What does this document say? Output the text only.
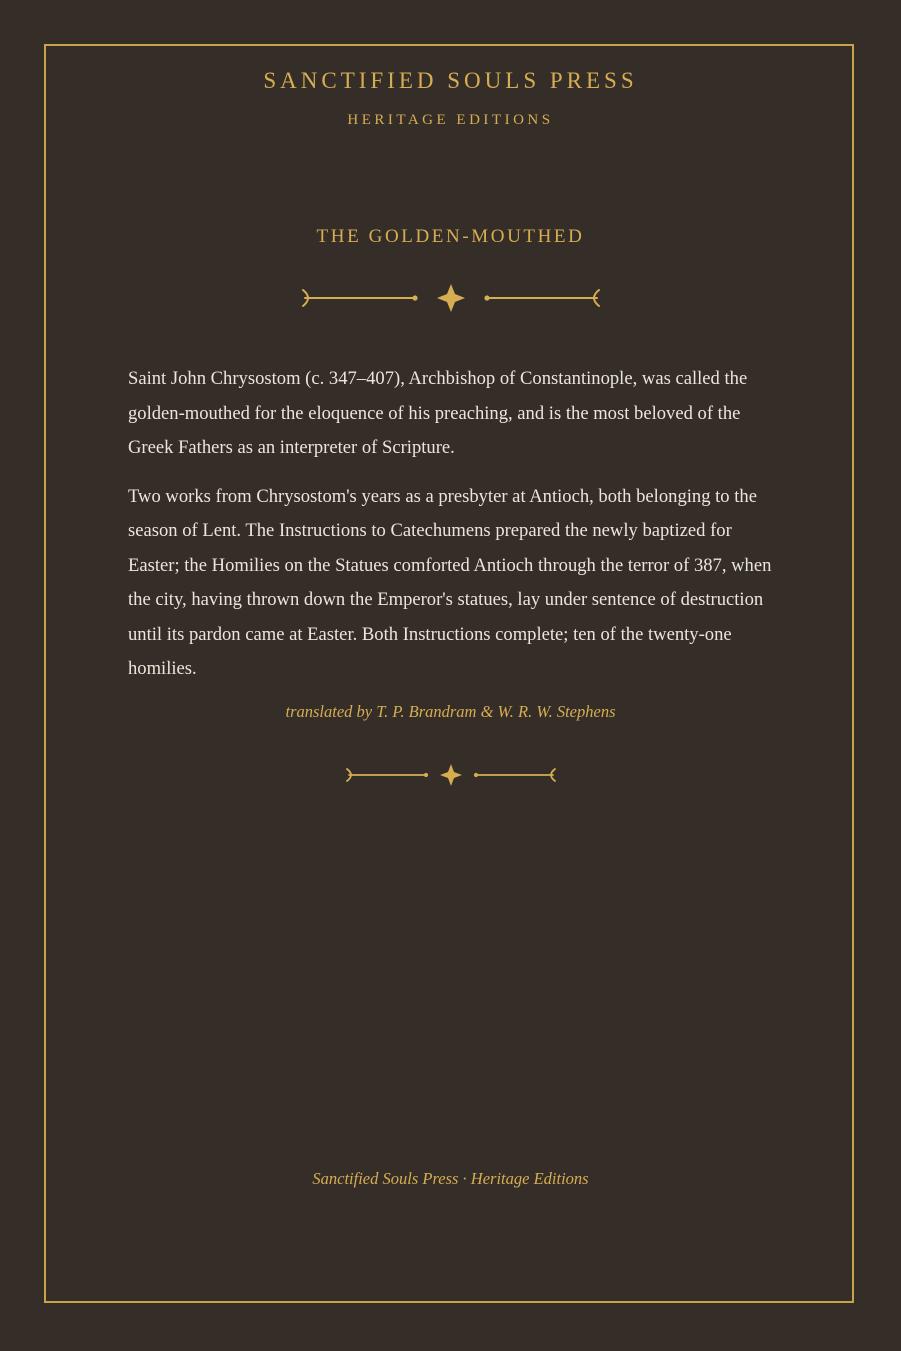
SANCTIFIED SOULS PRESS
HERITAGE EDITIONS
THE GOLDEN-MOUTHED

Saint John Chrysostom (c. 347–407), Archbishop of Constantinople, was called the golden-mouthed for the eloquence of his preaching, and is the most beloved of the Greek Fathers as an interpreter of Scripture.

Two works from Chrysostom's years as a presbyter at Antioch, both belonging to the season of Lent. The Instructions to Catechumens prepared the newly baptized for Easter; the Homilies on the Statues comforted Antioch through the terror of 387, when the city, having thrown down the Emperor's statues, lay under sentence of destruction until its pardon came at Easter. Both Instructions complete; ten of the twenty-one homilies.

translated by T. P. Brandram & W. R. W. Stephens
Sanctified Souls Press · Heritage Editions
